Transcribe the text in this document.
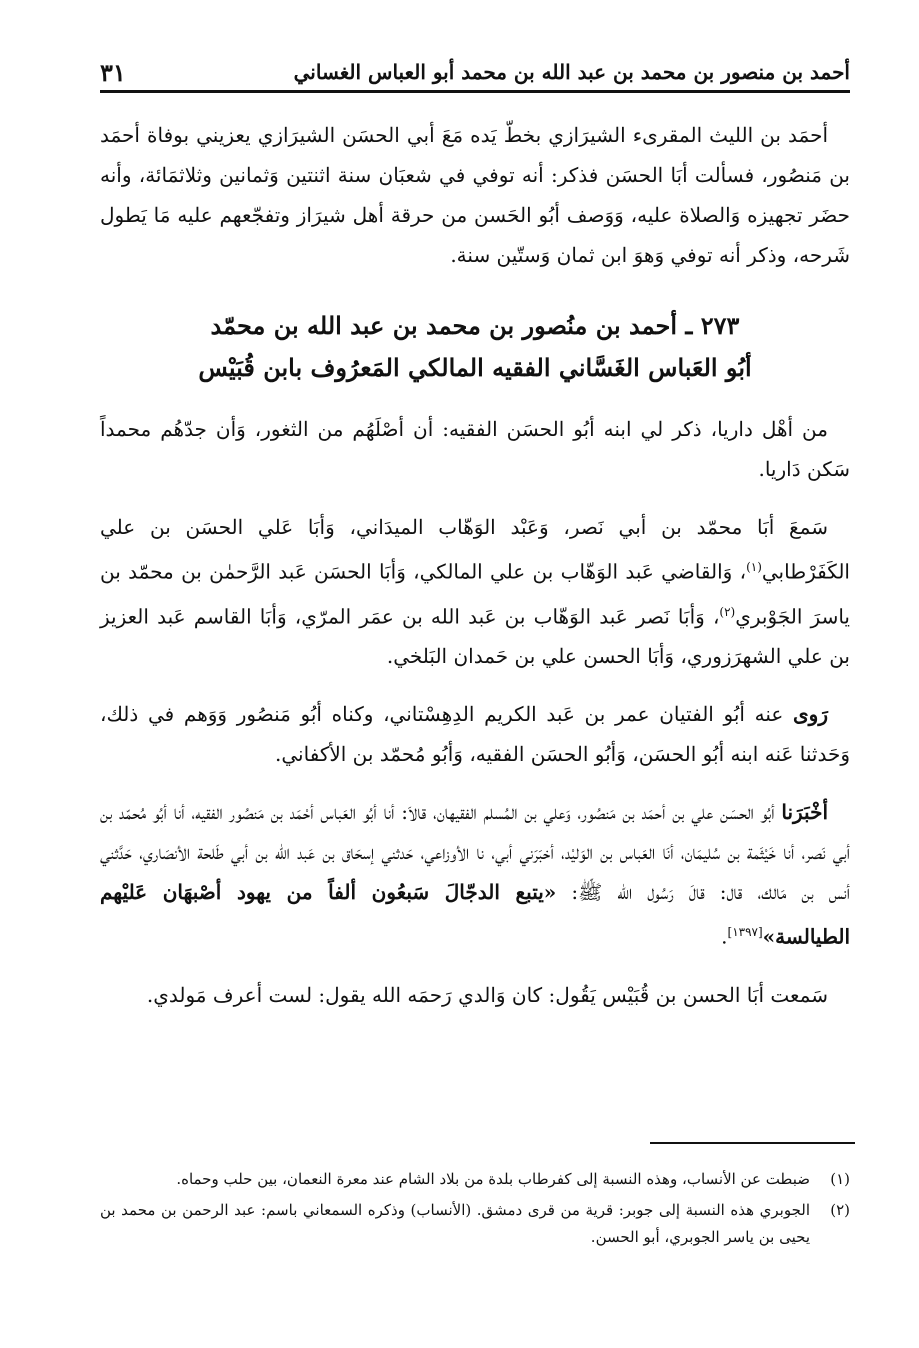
أحمد بن منصور بن محمد بن عبد الله بن محمد أبو العباس الغساني
٣١

أحمَد بن الليث المقرىء الشيرَازي بخطّ يَده مَعَ أبي الحسَن الشيرَازي يعزيني بوفاة أحمَد بن مَنصُور، فسألت أبَا الحسَن فذكر: أنه توفي في شعبَان سنة اثنتين وَثمانين وثلاثمَائة، وأنه حضَر تجهيزه وَالصلاة عليه، وَوَصف أبُو الحَسن من حرقة أهل شيرَاز وتفجّعهم عليه مَا يَطول شَرحه، وذكر أنه توفي وَهوَ ابن ثمان وَستّين سنة.

٢٧٣ ـ أحمد بن منُصور بن محمد بن عبد الله بن محمّد
أبُو العَباس الغَسَّاني الفقيه المالكي المَعرُوف بابن قُبَيْس

من أهْل داريا، ذكر لي ابنه أبُو الحسَن الفقيه: أن أصْلَهُم من الثغور، وَأن جدّهُم محمداً سَكن دَاريا.

سَمعَ أبَا محمّد بن أبي نَصر، وَعَبْد الوَهّاب الميدَاني، وَأبَا عَلي الحسَن بن علي الكَفَرْطابي$^{(١)}$، وَالقاضي عَبد الوَهّاب بن علي المالكي، وَأبَا الحسَن عَبد الرَّحمٰن بن محمّد بن ياسرَ الجَوْبري$^{(٢)}$، وَأبَا نَصر عَبد الوَهّاب بن عَبد الله بن عمَر المرّي، وَأبَا القاسم عَبد العزيز بن علي الشهرَزوري، وَأبَا الحسن علي بن حَمدان البَلخي.

رَوى عنه أبُو الفتيان عمر بن عَبد الكريم الدِهِسْتاني، وكناه أبُو مَنصُور وَوَهم في ذلك، وَحَدثنا عَنه ابنه أبُو الحسَن، وَأبُو الحسَن الفقيه، وَأبُو مُحمّد بن الأكفاني.

أخْبَرَنا أبُو الحسَن علي بن أحمَد بن مَنصُور، وَعلي بن المُسلم الفقيهان، قالاَ: أنا أبُو العَباس أحْمَد بن مَنصُور الفقيه، أنا أبُو مُحمّد بن أبي نَصر، أنا خَيْثَمة بن سُليمَان، أنَا العَباس بن الوَليْد، أخبَرَني أبي، نا الأوزاعي، حَدثني إسحَاق بن عَبد الله بن أبي طَلحة الأنصَاري، حَدَّثني أنس بن مَالك، قال: قالَ رَسُول الله ﷺ: «يتبع الدجّالَ سَبعُون ألفاً من يهود أصْبهَان عَليْهم الطيالسة»[١٣٩٧].

سَمعت أبَا الحسن بن قُبَيْس يَقُول: كان وَالدي رَحمَه الله يقول: لست أعرف مَولدي.

(١)
ضبطت عن الأنساب، وهذه النسبة إلى كفرطاب بلدة من بلاد الشام عند معرة النعمان، بين حلب وحماه.
(٢)
الجوبري هذه النسبة إلى جوبر: قرية من قرى دمشق. (الأنساب) وذكره السمعاني باسم: عبد الرحمن بن محمد بن يحيى بن ياسر الجوبري، أبو الحسن.
